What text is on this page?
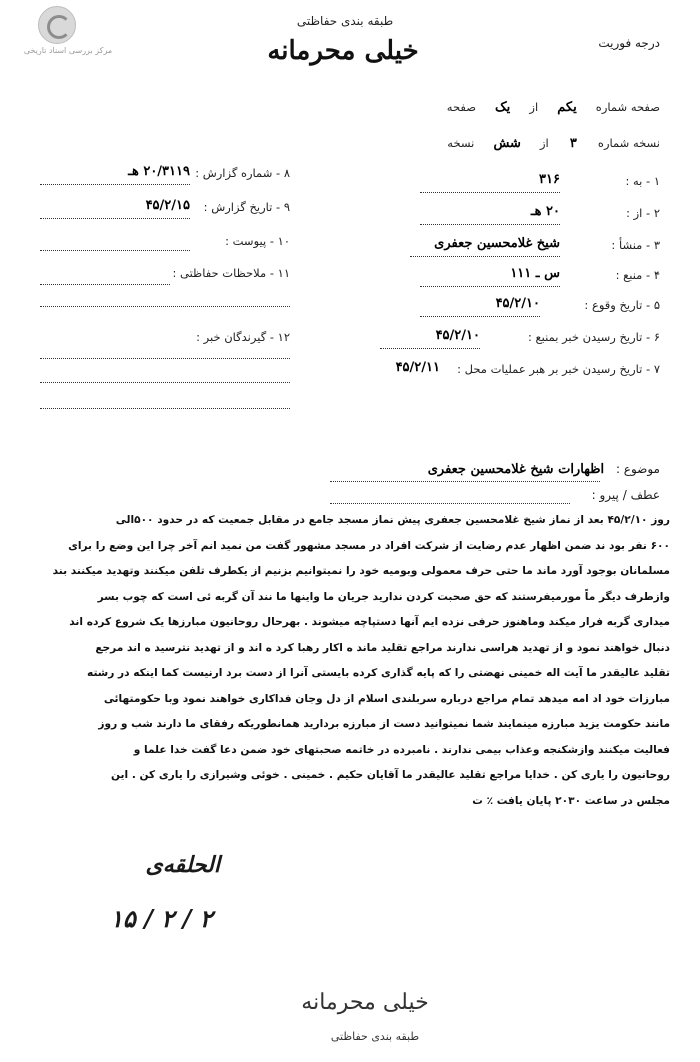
مرکز بررسی اسناد تاریخی
طبقه بندی حفاظتی
خیلی محرمانه	درجه فوریت
صفحه شماره یکم از یک صفحه
نسخه شماره ۳ از شش نسخه
۱ - به :
۳۱۶
۲ - از :
۲۰ هـ
۳ - منشأ :
شیخ غلامحسین جعفری
۴ - منبع :
س ـ ۱۱۱
۵ - تاریخ وقوع :
۴۵/۲/۱۰
۶ - تاریخ رسیدن خبر بمنبع :
۴۵/۲/۱۰
۷ - تاریخ رسیدن خبر بر هبر عملیات محل :
۴۵/۲/۱۱
۸ - شماره گزارش :
۲۰/۳۱۱۹ هـ
۹ - تاریخ گزارش :
۴۵/۲/۱۵
۱۰ - پیوست :
۱۱ - ملاحظات حفاظتی :
۱۲ - گیرندگان خبر :
موضوع : اظهارات شیخ غلامحسین جعفری
عطف / پیرو :

روز ۴۵/۲/۱۰ بعد از نماز شیخ غلامحسین جعفری پیش نماز مسجد جامع در مقابل جمعیت که در حدود ۵۰۰الی

۶۰۰ نفر بود ند ضمن اظهار عدم رضایت از شرکت افراد در مسجد مشهور گفت من نمید انم آخر چرا این وضع را برای

مسلمانان بوجود آورد ماند ما حتی حرف معمولی وبومیه خود را نمیتوانیم بزنیم از یکطرف تلفن میکنند وتهدید میکنند بند

وازطرف دیگر ماً مورمیفرستند که حق صحبت کردن ندارید جریان ما واینها ما نند آن گربه ئی است که چوب بسر

میداری گربه فرار میکند وماهنوز حرفی نزده ایم آنها دستپاچه میشوند . بهرحال روحانیون مبارزها یک شروع کرده اند

دنبال خواهند نمود و از تهدید هراسی ندارند مراجع تقلید ماند ه اکار رهبا کرد ه اند و از تهدید نترسید ه اند مرجع

تقلید عالیقدر ما آیت اله خمینی نهضتی را که پایه گذاری کرده بایستی آنرا از دست برد ارنیست کما اینکه در رشته

مبارزات خود اد امه میدهد تمام مراجع درباره سربلندی اسلام از دل وجان فداکاری خواهند نمود وبا حکومتهائی

مانند حکومت یزید مبارزه مینمایند شما نمیتوانید دست از مبارزه بردارید همانطوریکه رفقای ما دارند شب و روز

فعالیت میکنند وازشکنجه وعذاب بیمی ندارند . نامبرده در خاتمه صحبتهای خود ضمن دعا گفت خدا علما و

روحانیون را یاری کن . خدایا مراجع تقلید عالیقدر ما آقایان حکیم . خمینی . خوئی وشیرازی را یاری کن . این

مجلس در ساعت ۲۰۳۰ پایان یافت ٪ ت

الحلقه‌ی
۱۵ / ۲ / ۲
خیلی محرمانه
طبقه بندی حفاظتی
